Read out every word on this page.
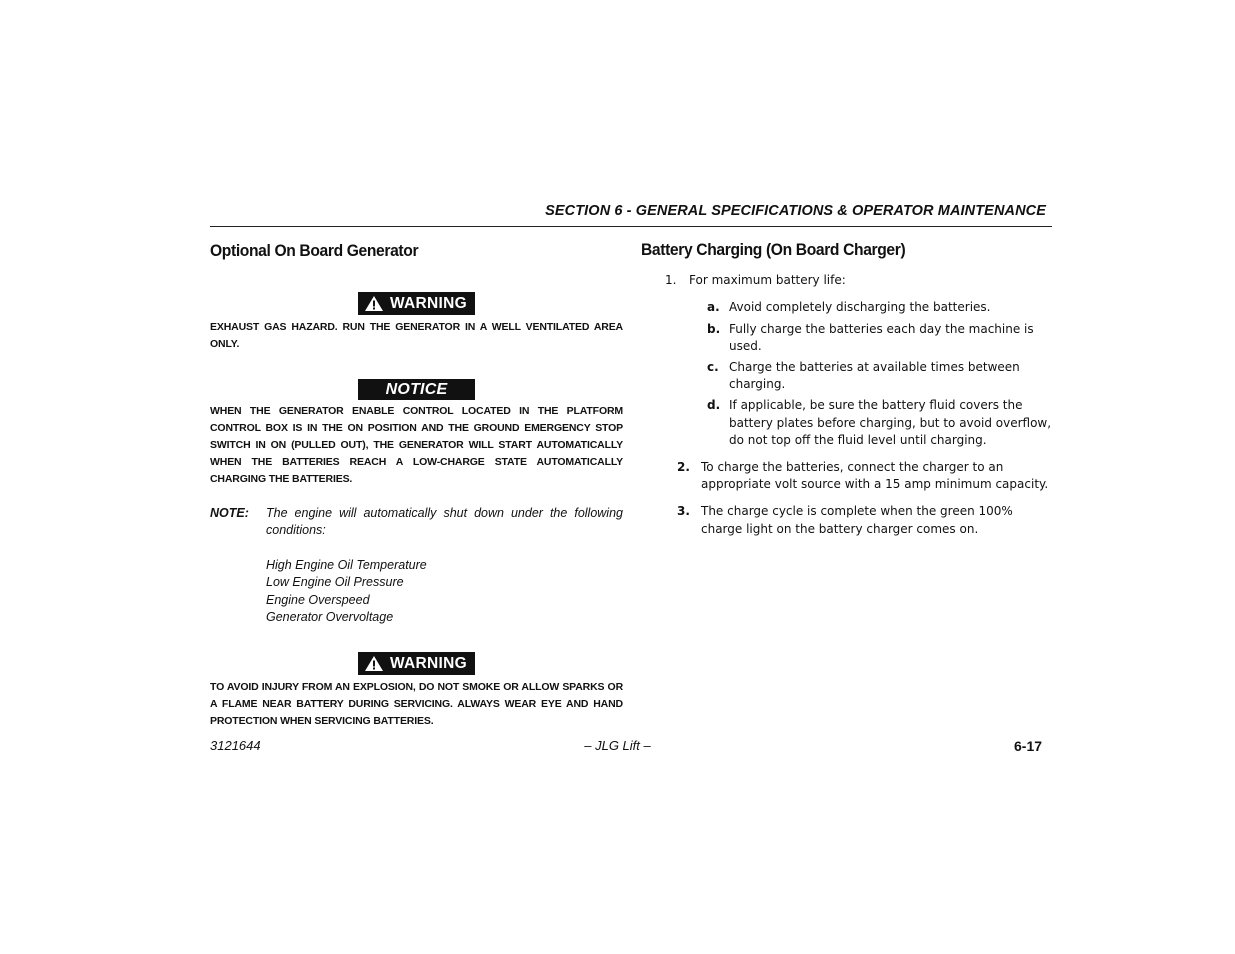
SECTION 6 - GENERAL SPECIFICATIONS & OPERATOR MAINTENANCE
Optional On Board Generator
WARNING

EXHAUST GAS HAZARD. RUN THE GENERATOR IN A WELL VENTILATED AREA ONLY.

NOTICE

WHEN THE GENERATOR ENABLE CONTROL LOCATED IN THE PLATFORM CONTROL BOX IS IN THE ON POSITION AND THE GROUND EMERGENCY STOP SWITCH IN ON (PULLED OUT), THE GENERATOR WILL START AUTOMATICALLY WHEN THE BATTERIES REACH A LOW-CHARGE STATE AUTOMATICALLY CHARGING THE BATTERIES.

NOTE:	The engine will automatically shut down under the following conditions:
High Engine Oil Temperature
Low Engine Oil Pressure
Engine Overspeed
Generator Overvoltage
WARNING

TO AVOID INJURY FROM AN EXPLOSION, DO NOT SMOKE OR ALLOW SPARKS OR A FLAME NEAR BATTERY DURING SERVICING. ALWAYS WEAR EYE AND HAND PROTECTION WHEN SERVICING BATTERIES.

Battery Charging (On Board Charger)
1.	For maximum battery life:
a. Avoid completely discharging the batteries.
b. Fully charge the batteries each day the machine is used.
c. Charge the batteries at available times between charging.
d. If applicable, be sure the battery fluid covers the battery plates before charging, but to avoid overflow, do not top off the fluid level until charging.
2. To charge the batteries, connect the charger to an appropriate volt source with a 15 amp minimum capacity.
3. The charge cycle is complete when the green 100% charge light on the battery charger comes on.
3121644	– JLG Lift –	6-17
